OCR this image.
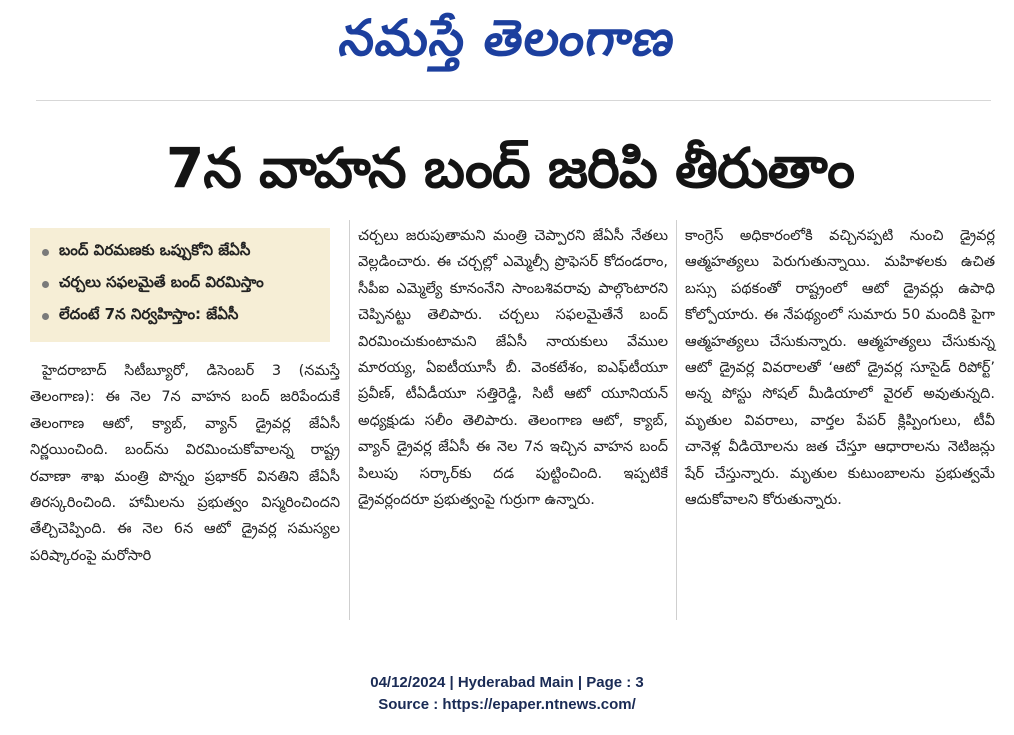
నమస్తే తెలంగాణ
7న వాహన బంద్ జరిపి తీరుతాం
బంద్ విరమణకు ఒప్పుకోని జేఏసీ
చర్చలు సఫలమైతే బంద్ విరమిస్తాం
లేదంటే 7న నిర్వహిస్తాం: జేఏసీ

హైదరాబాద్ సిటీబ్యూరో, డిసెంబర్ 3 (నమస్తే తెలంగాణ): ఈ నెల 7న వాహన బంద్ జరిపేందుకే తెలంగాణ ఆటో, క్యాబ్, వ్యాన్ డ్రైవర్ల జేఏసీ నిర్ణయించింది. బంద్‌ను విరమించుకోవాలన్న రాష్ట్ర రవాణా శాఖ మంత్రి పొన్నం ప్రభాకర్ వినతిని జేఏసీ తిరస్కరించింది. హామీలను ప్రభుత్వం విస్మరించిందని తేల్చిచెప్పింది. ఈ నెల 6న ఆటో డ్రైవర్ల సమస్యల పరిష్కారంపై మరోసారి

చర్చలు జరుపుతామని మంత్రి చెప్పారని జేఏసీ నేతలు వెల్లడించారు. ఈ చర్చల్లో ఎమ్మెల్సీ ప్రొఫెసర్ కోదండరాం, సీపీఐ ఎమ్మెల్యే కూనంనేని సాంబశివరావు పాల్గొంటారని చెప్పినట్టు తెలిపారు. చర్చలు సఫలమైతేనే బంద్ విరమించుకుంటామని జేఏసీ నాయకులు వేముల మారయ్య, ఏఐటీయూసీ బీ. వెంకటేశం, ఐఎఫ్‌టీయూ ప్రవీణ్, టీఏడీయూ సత్తిరెడ్డి, సిటీ ఆటో యూనియన్ అధ్యక్షుడు సలీం తెలిపారు. తెలంగాణ ఆటో, క్యాబ్, వ్యాన్ డ్రైవర్ల జేఏసీ ఈ నెల 7న ఇచ్చిన వాహన బంద్ పిలుపు సర్కార్‌కు దడ పుట్టించింది. ఇప్పటికే డ్రైవర్లందరూ ప్రభుత్వంపై గుర్రుగా ఉన్నారు.

కాంగ్రెస్ అధికారంలోకి వచ్చినప్పటి నుంచి డ్రైవర్ల ఆత్మహత్యలు పెరుగుతున్నాయి. మహిళలకు ఉచిత బస్సు పథకంతో రాష్ట్రంలో ఆటో డ్రైవర్లు ఉపాధి కోల్పోయారు. ఈ నేపథ్యంలో సుమారు 50 మందికి పైగా ఆత్మహత్యలు చేసుకున్నారు. ఆత్మహత్యలు చేసుకున్న ఆటో డ్రైవర్ల వివరాలతో ‘ఆటో డ్రైవర్ల సూసైడ్ రిపోర్ట్’ అన్న పోస్టు సోషల్ మీడియాలో వైరల్ అవుతున్నది. మృతుల వివరాలు, వార్తల పేపర్ క్లిప్పింగులు, టీవీ చానెళ్ల వీడియోలను జత చేస్తూ ఆధారాలను నెటిజన్లు షేర్ చేస్తున్నారు. మృతుల కుటుంబాలను ప్రభుత్వమే ఆదుకోవాలని కోరుతున్నారు.

04/12/2024 | Hyderabad Main | Page : 3
Source : https://epaper.ntnews.com/
